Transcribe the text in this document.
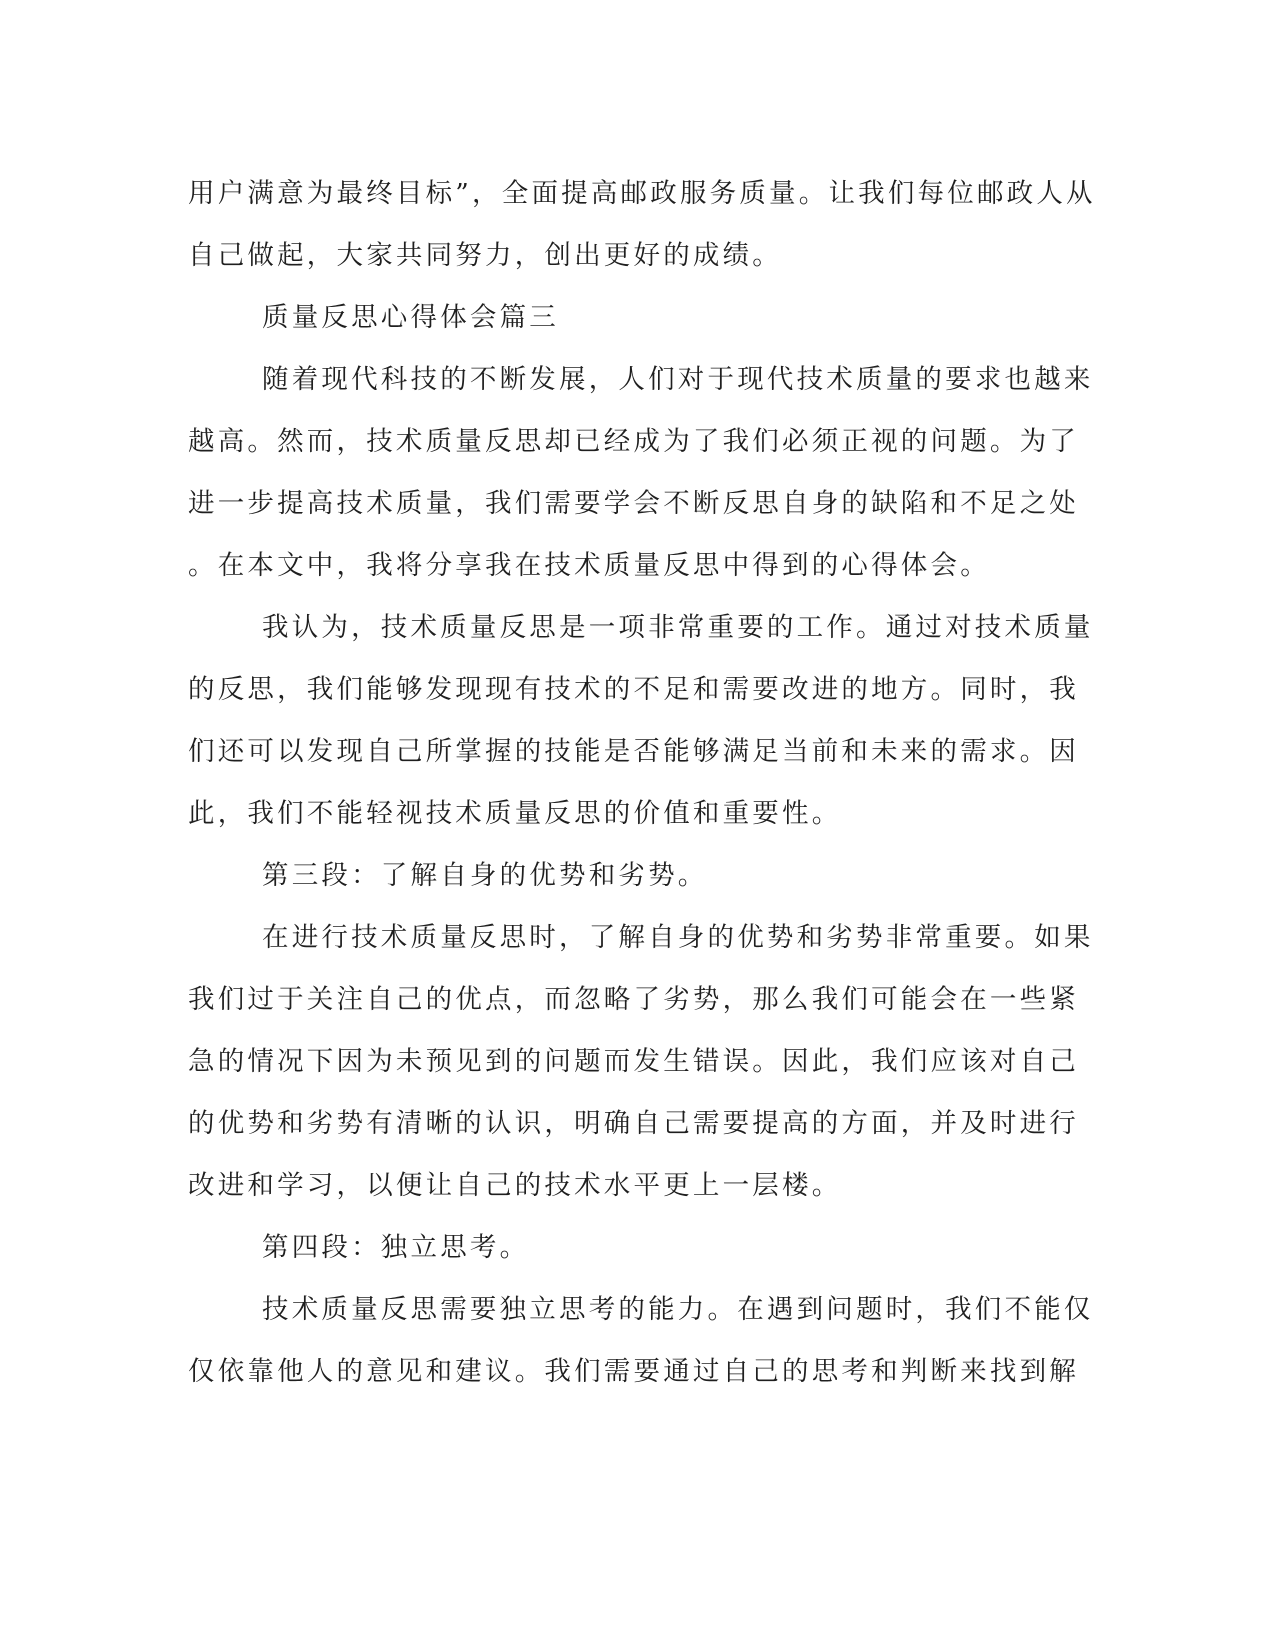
用户满意为最终目标”，全面提高邮政服务质量。让我们每位邮政人从
自己做起，大家共同努力，创出更好的成绩。
质量反思心得体会篇三
随着现代科技的不断发展，人们对于现代技术质量的要求也越来
越高。然而，技术质量反思却已经成为了我们必须正视的问题。为了
进一步提高技术质量，我们需要学会不断反思自身的缺陷和不足之处
。在本文中，我将分享我在技术质量反思中得到的心得体会。
我认为，技术质量反思是一项非常重要的工作。通过对技术质量
的反思，我们能够发现现有技术的不足和需要改进的地方。同时，我
们还可以发现自己所掌握的技能是否能够满足当前和未来的需求。因
此，我们不能轻视技术质量反思的价值和重要性。
第三段：了解自身的优势和劣势。
在进行技术质量反思时，了解自身的优势和劣势非常重要。如果
我们过于关注自己的优点，而忽略了劣势，那么我们可能会在一些紧
急的情况下因为未预见到的问题而发生错误。因此，我们应该对自己
的优势和劣势有清晰的认识，明确自己需要提高的方面，并及时进行
改进和学习，以便让自己的技术水平更上一层楼。
第四段：独立思考。
技术质量反思需要独立思考的能力。在遇到问题时，我们不能仅
仅依靠他人的意见和建议。我们需要通过自己的思考和判断来找到解
